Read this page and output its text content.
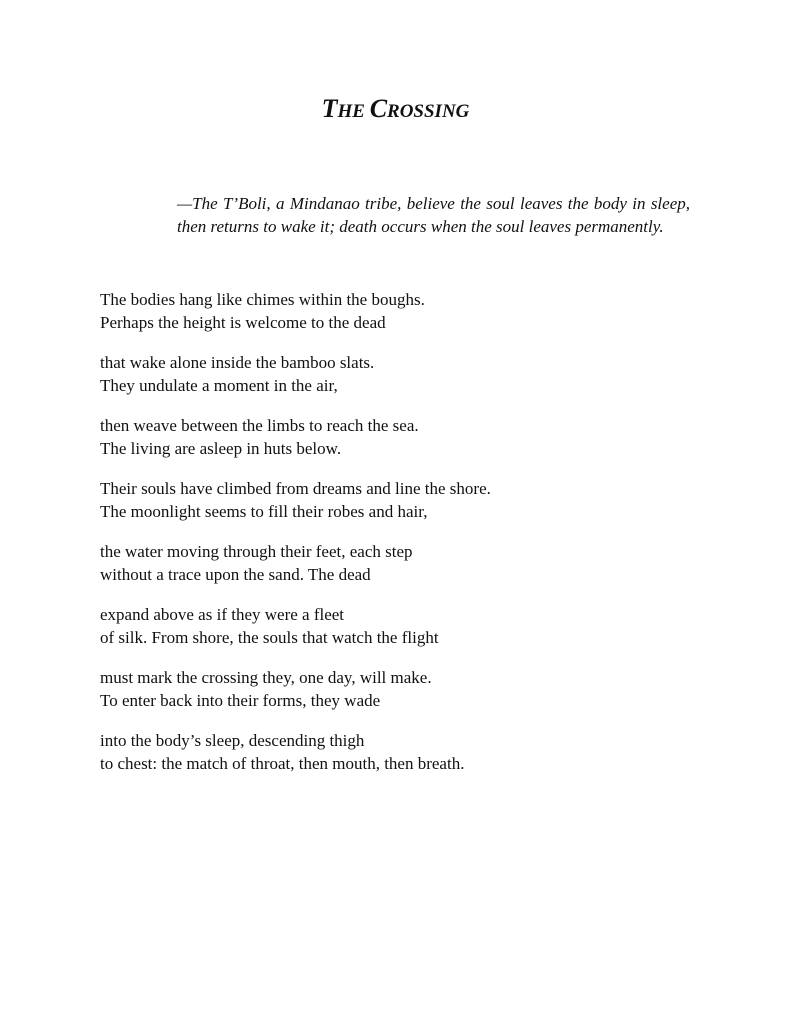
THE CROSSING

—The T’Boli, a Mindanao tribe, believe the soul leaves the body in sleep, then returns to wake it; death occurs when the soul leaves permanently.

The bodies hang like chimes within the boughs.
Perhaps the height is welcome to the dead
that wake alone inside the bamboo slats.
They undulate a moment in the air,
then weave between the limbs to reach the sea.
The living are asleep in huts below.
Their souls have climbed from dreams and line the shore.
The moonlight seems to fill their robes and hair,
the water moving through their feet, each step
without a trace upon the sand. The dead
expand above as if they were a fleet
of silk. From shore, the souls that watch the flight
must mark the crossing they, one day, will make.
To enter back into their forms, they wade
into the body’s sleep, descending thigh
to chest: the match of throat, then mouth, then breath.
